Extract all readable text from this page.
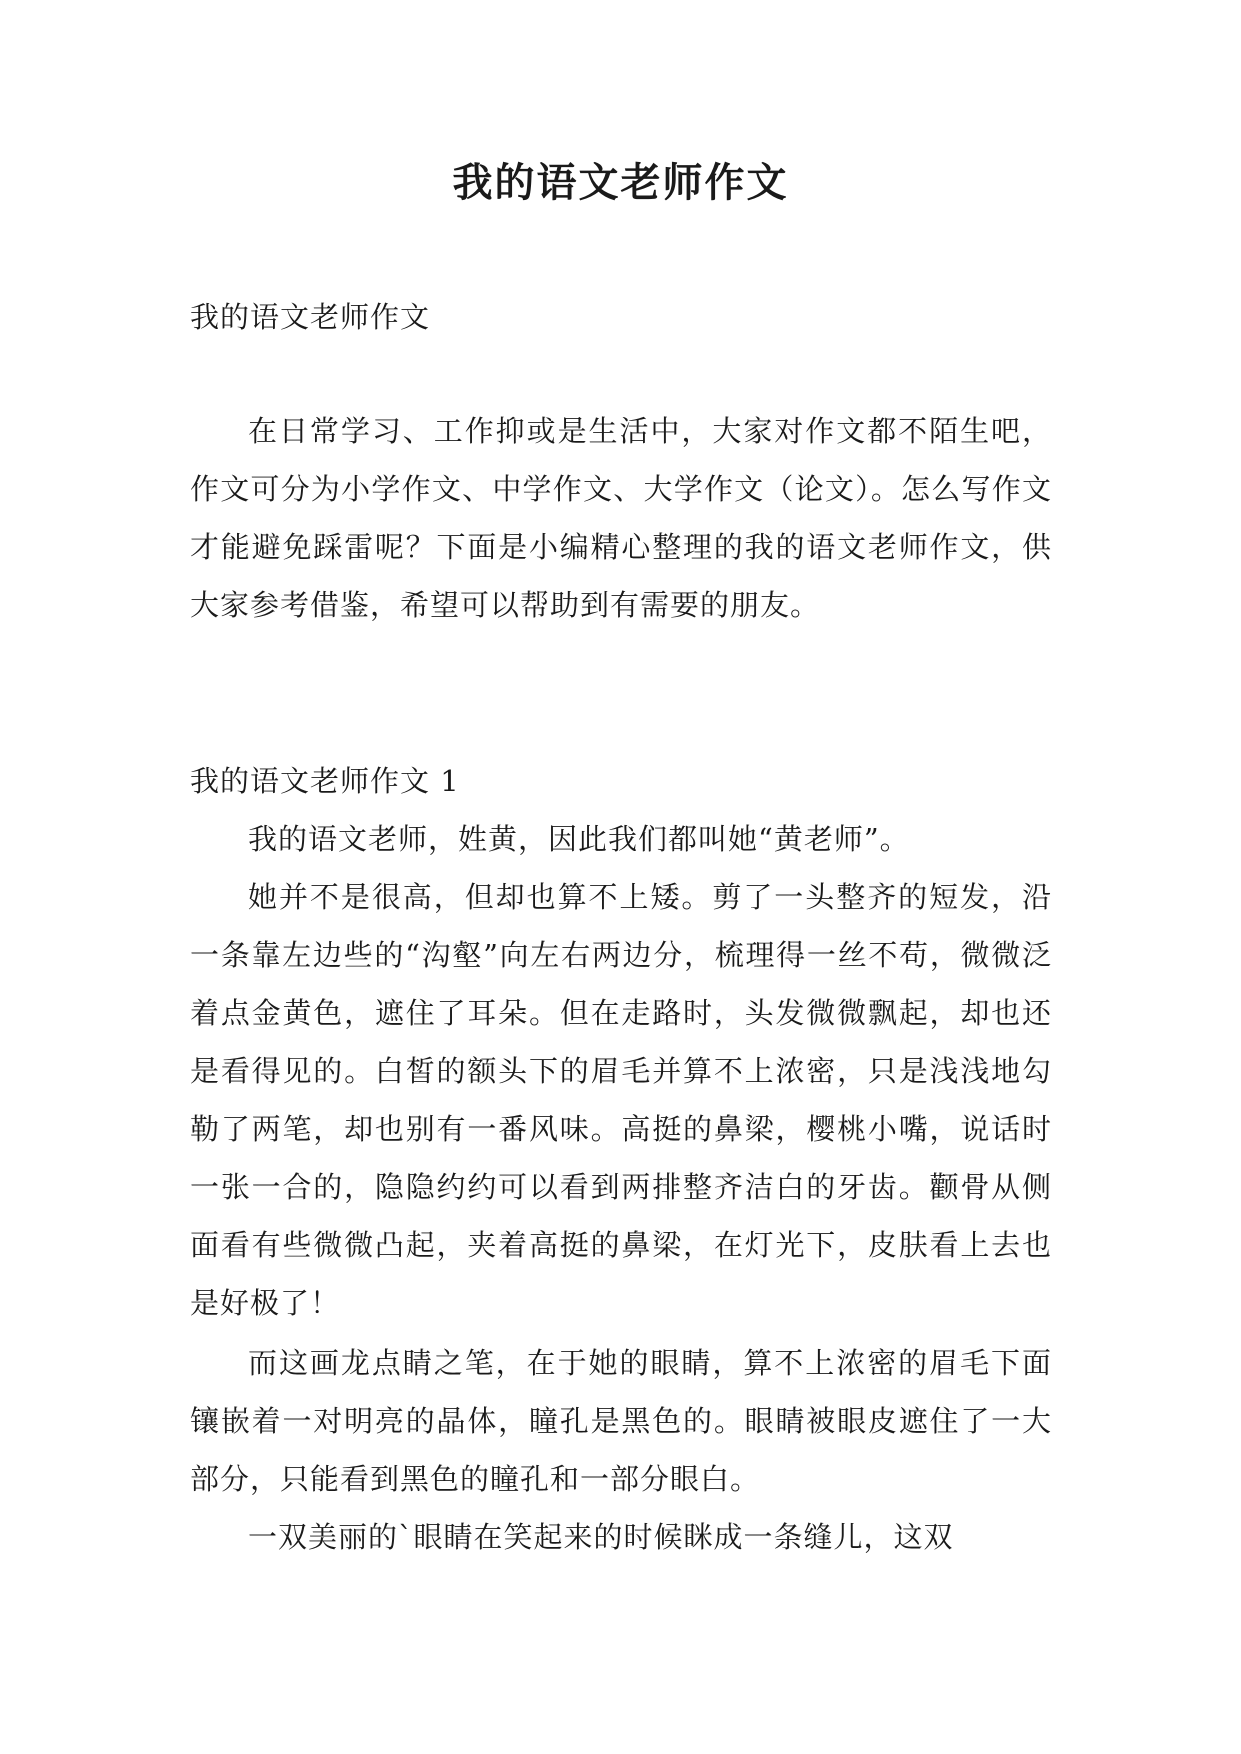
我的语文老师作文

我的语文老师作文

在日常学习、工作抑或是生活中，大家对作文都不陌生吧，作文可分为小学作文、中学作文、大学作文（论文）。怎么写作文才能避免踩雷呢？下面是小编精心整理的我的语文老师作文，供大家参考借鉴，希望可以帮助到有需要的朋友。

我的语文老师作文 1

我的语文老师，姓黄，因此我们都叫她“黄老师”。

她并不是很高，但却也算不上矮。剪了一头整齐的短发，沿一条靠左边些的“沟壑”向左右两边分，梳理得一丝不苟，微微泛着点金黄色，遮住了耳朵。但在走路时，头发微微飘起，却也还是看得见的。白皙的额头下的眉毛并算不上浓密，只是浅浅地勾勒了两笔，却也别有一番风味。高挺的鼻梁，樱桃小嘴，说话时一张一合的，隐隐约约可以看到两排整齐洁白的牙齿。颧骨从侧面看有些微微凸起，夹着高挺的鼻梁，在灯光下，皮肤看上去也是好极了！

而这画龙点睛之笔，在于她的眼睛，算不上浓密的眉毛下面镶嵌着一对明亮的晶体，瞳孔是黑色的。眼睛被眼皮遮住了一大部分，只能看到黑色的瞳孔和一部分眼白。

一双美丽的`眼睛在笑起来的时候眯成一条缝儿，这双
